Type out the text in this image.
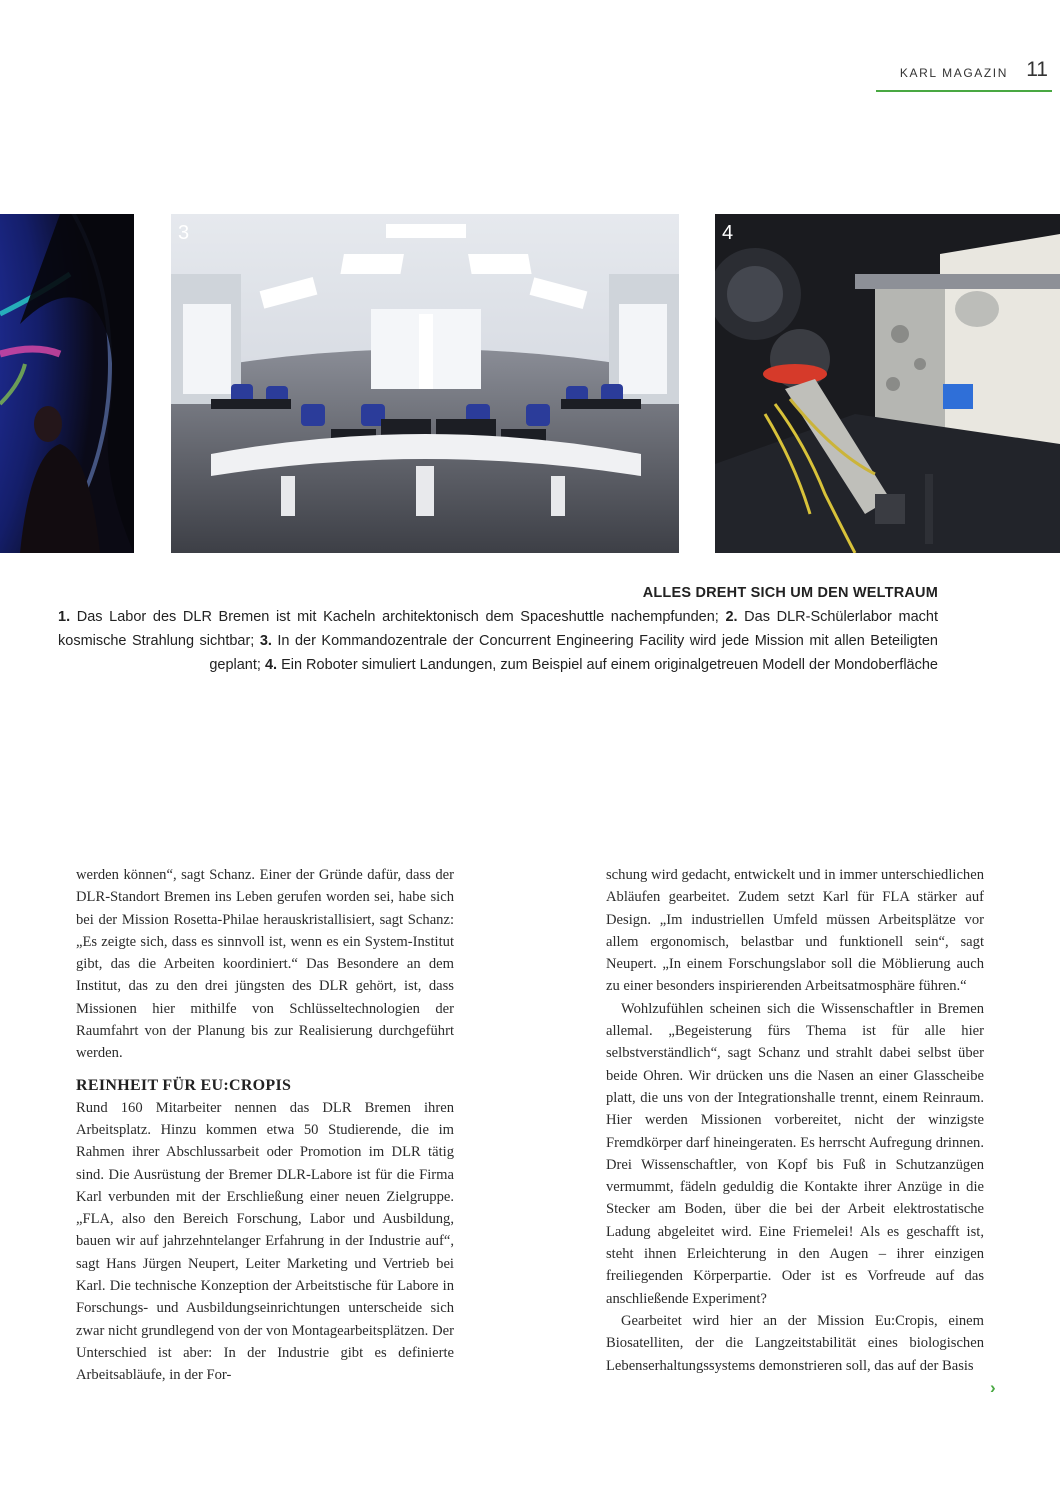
KARL MAGAZIN 11
3	4
ALLES DREHT SICH UM DEN WELTRAUM
1. Das Labor des DLR Bremen ist mit Kacheln architektonisch dem Spaceshuttle nachempfunden; 2. Das DLR-Schülerlabor macht kosmische Strahlung sichtbar; 3. In der Kommandozentrale der Concurrent Engineering Facility wird jede Mission mit allen Beteiligten geplant; 4. Ein Roboter simuliert Landungen, zum Beispiel auf einem originalgetreuen Modell der Mondoberfläche

werden können“, sagt Schanz. Einer der Gründe dafür, dass der DLR-Standort Bremen ins Leben gerufen worden sei, habe sich bei der Mission Rosetta-Philae herauskristallisiert, sagt Schanz: „Es zeigte sich, dass es sinnvoll ist, wenn es ein System-Institut gibt, das die Arbeiten koordiniert.“ Das Besondere an dem Institut, das zu den drei jüngsten des DLR gehört, ist, dass Missionen hier mithilfe von Schlüsseltechnologien der Raumfahrt von der Planung bis zur Realisierung durchgeführt werden.

REINHEIT FÜR EU:CROPIS

Rund 160 Mitarbeiter nennen das DLR Bremen ihren Arbeitsplatz. Hinzu kommen etwa 50 Studierende, die im Rahmen ihrer Abschlussarbeit oder Promotion im DLR tätig sind. Die Ausrüstung der Bremer DLR-Labore ist für die Firma Karl verbunden mit der Erschließung einer neuen Zielgruppe. „FLA, also den Bereich Forschung, Labor und Ausbildung, bauen wir auf jahrzehntelanger Erfahrung in der Industrie auf“, sagt Hans Jürgen Neupert, Leiter Marketing und Vertrieb bei Karl. Die technische Konzeption der Arbeitstische für Labore in Forschungs- und Ausbildungseinrichtungen unterscheide sich zwar nicht grundlegend von der von Montagearbeitsplätzen. Der Unterschied ist aber: In der Industrie gibt es definierte Arbeitsabläufe, in der For-

schung wird gedacht, entwickelt und in immer unterschiedlichen Abläufen gearbeitet. Zudem setzt Karl für FLA stärker auf Design. „Im industriellen Umfeld müssen Arbeitsplätze vor allem ergonomisch, belastbar und funktionell sein“, sagt Neupert. „In einem Forschungslabor soll die Möblierung auch zu einer besonders inspirierenden Arbeitsatmosphäre führen.“

Wohlzufühlen scheinen sich die Wissenschaftler in Bremen allemal. „Begeisterung fürs Thema ist für alle hier selbstverständlich“, sagt Schanz und strahlt dabei selbst über beide Ohren. Wir drücken uns die Nasen an einer Glasscheibe platt, die uns von der Integrationshalle trennt, einem Reinraum. Hier werden Missionen vorbereitet, nicht der winzigste Fremdkörper darf hineingeraten. Es herrscht Aufregung drinnen. Drei Wissenschaftler, von Kopf bis Fuß in Schutzanzügen vermummt, fädeln geduldig die Kontakte ihrer Anzüge in die Stecker am Boden, über die bei der Arbeit elektrostatische Ladung abgeleitet wird. Eine Friemelei! Als es geschafft ist, steht ihnen Erleichterung in den Augen – ihrer einzigen freiliegenden Körperpartie. Oder ist es Vorfreude auf das anschließende Experiment?

Gearbeitet wird hier an der Mission Eu:Cropis, einem Biosatelliten, der die Langzeitstabilität eines biologischen Lebenserhaltungssystems demonstrieren soll, das auf der Basis

›
